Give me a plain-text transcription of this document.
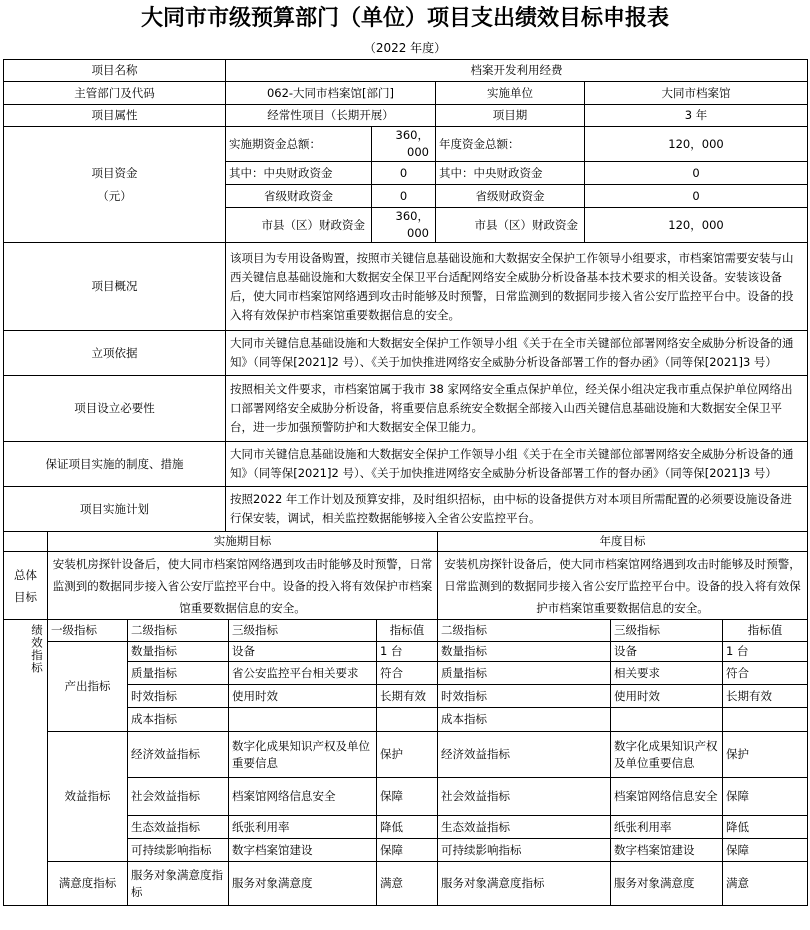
大同市市级预算部门（单位）项目支出绩效目标申报表
（2022 年度）
项目名称	档案开发利用经费			
主管部门及代码	062-大同市档案馆[部门]		实施单位	大同市档案馆
项目属性	经常性项目（长期开展）		项目期	3 年

项目资金
（元）	实施期资金总额：	360，000	年度资金总额：	120，000
	其中：中央财政资金	0	其中：中央财政资金	0
	省级财政资金	0	省级财政资金	0
	市县（区）财政资金	360，000	市县（区）财政资金	120，000
项目概况	该项目为专用设备购置，按照市关键信息基础设施和大数据安全保护工作领导小组要求，市档案馆需要安装与山西关键信息基础设施和大数据安全保卫平台适配网络安全威胁分析设备基本技术要求的相关设备。安装该设备后，使大同市档案馆网络遇到攻击时能够及时预警，日常监测到的数据同步接入省公安厅监控平台中。设备的投入将有效保护市档案馆重要数据信息的安全。			
立项依据	大同市关键信息基础设施和大数据安全保护工作领导小组《关于在全市关键部位部署网络安全威胁分析设备的通知》（同等保[2021]2 号）、《关于加快推进网络安全威胁分析设备部署工作的督办函》（同等保[2021]3 号）			
项目设立必要性	按照相关文件要求，市档案馆属于我市 38 家网络安全重点保护单位，经关保小组决定我市重点保护单位网络出口部署网络安全威胁分析设备，将重要信息系统安全数据全部接入山西关键信息基础设施和大数据安全保卫平台，进一步加强预警防护和大数据安全保卫能力。			
保证项目实施的制度、措施	大同市关键信息基础设施和大数据安全保护工作领导小组《关于在全市关键部位部署网络安全威胁分析设备的通知》（同等保[2021]2 号）、《关于加快推进网络安全威胁分析设备部署工作的督办函》（同等保[2021]3 号）			
项目实施计划	按照2022 年工作计划及预算安排，及时组织招标，由中标的设备提供方对本项目所需配置的必须要设施设备进行保安装，调试，相关监控数据能够接入全省公安监控平台。			
	实施期目标	年度目标
总体目标	安装机房探针设备后，使大同市档案馆网络遇到攻击时能够及时预警，日常监测到的数据同步接入省公安厅监控平台中。设备的投入将有效保护市档案馆重要数据信息的安全。	安装机房探针设备后，使大同市档案馆网络遇到攻击时能够及时预警，日常监测到的数据同步接入省公安厅监控平台中。设备的投入将有效保护市档案馆重要数据信息的安全。
绩效指标	一级指标	二级指标	三级指标	指标值	二级指标	三级指标	指标值
	产出指标	数量指标	设备	1 台	数量指标	设备	1 台
		质量指标	省公安监控平台相关要求	符合	质量指标	相关要求	符合
		时效指标	使用时效	长期有效	时效指标	使用时效	长期有效
		成本指标			成本指标		
	效益指标	经济效益指标	数字化成果知识产权及单位重要信息	保护	经济效益指标	数字化成果知识产权及单位重要信息	保护
		社会效益指标	档案馆网络信息安全	保障	社会效益指标	档案馆网络信息安全	保障
		生态效益指标	纸张利用率	降低	生态效益指标	纸张利用率	降低
		可持续影响指标	数字档案馆建设	保障	可持续影响指标	数字档案馆建设	保障
	满意度指标	服务对象满意度指标	服务对象满意度	满意	服务对象满意度指标	服务对象满意度	满意
